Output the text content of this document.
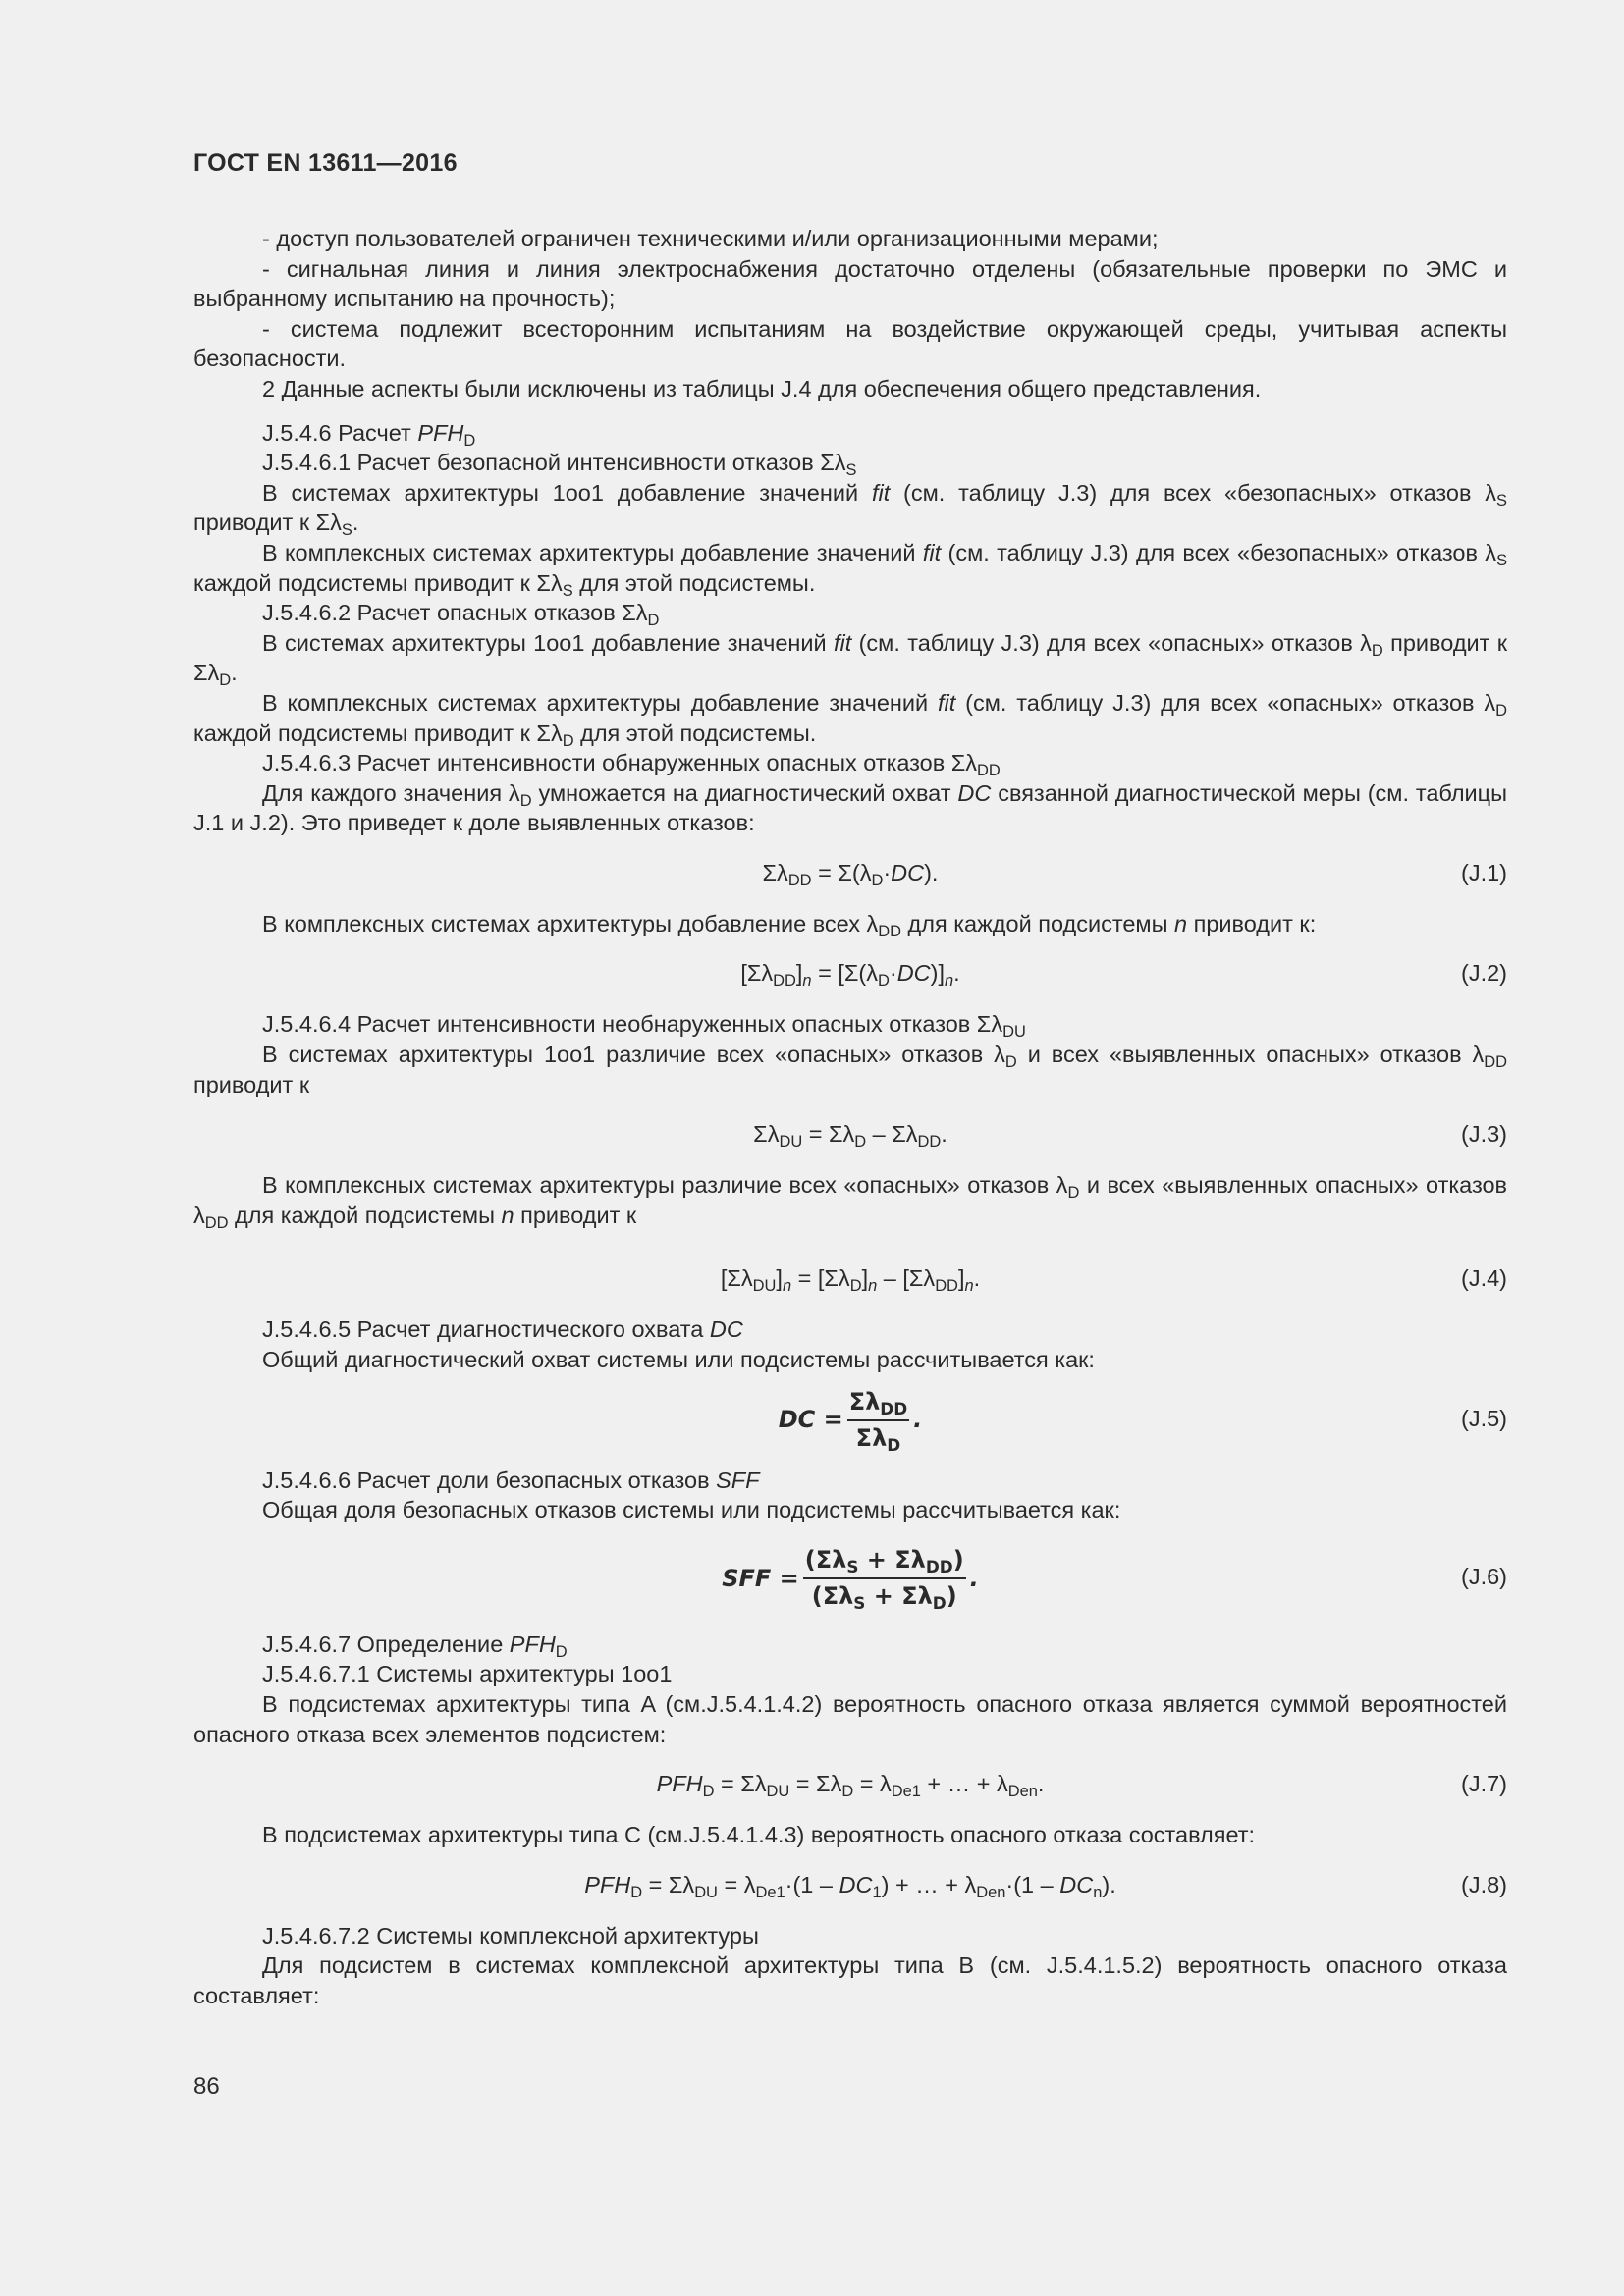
ГОСТ EN 13611—2016

- доступ пользователей ограничен техническими и/или организационными мерами;

- сигнальная линия и линия электроснабжения достаточно отделены (обязательные проверки по ЭМС и выбранному испытанию на прочность);

- система подлежит всесторонним испытаниям на воздействие окружающей среды, учитывая аспекты безопасности.

2 Данные аспекты были исключены из таблицы J.4 для обеспечения общего представления.

J.5.4.6 Расчет $PFH_D$

J.5.4.6.1 Расчет безопасной интенсивности отказов $\Sigma\lambda_S$

В системах архитектуры 1оо1 добавление значений fit (см. таблицу J.3) для всех «безопасных» отказов $\lambda_S$ приводит к $\Sigma\lambda_S$.

В комплексных системах архитектуры добавление значений fit (см. таблицу J.3) для всех «безопасных» отказов $\lambda_S$ каждой подсистемы приводит к $\Sigma\lambda_S$ для этой подсистемы.

J.5.4.6.2 Расчет опасных отказов $\Sigma\lambda_D$

В системах архитектуры 1оо1 добавление значений fit (см. таблицу J.3) для всех «опасных» отказов $\lambda_D$ приводит к $\Sigma\lambda_D$.

В комплексных системах архитектуры добавление значений fit (см. таблицу J.3) для всех «опасных» отказов $\lambda_D$ каждой подсистемы приводит к $\Sigma\lambda_D$ для этой подсистемы.

J.5.4.6.3 Расчет интенсивности обнаруженных опасных отказов $\Sigma\lambda_{DD}$

Для каждого значения $\lambda_D$ умножается на диагностический охват DC связанной диагностической меры (см. таблицы J.1 и J.2). Это приведет к доле выявленных отказов:

$\Sigma\lambda_{DD} = \Sigma(\lambda_D\cdot DC)$.	(J.1)

В комплексных системах архитектуры добавление всех $\lambda_{DD}$ для каждой подсистемы n приводит к:

$[\Sigma\lambda_{DD}]_n = [\Sigma(\lambda_D\cdot DC)]_n$.	(J.2)

J.5.4.6.4 Расчет интенсивности необнаруженных опасных отказов $\Sigma\lambda_{DU}$

В системах архитектуры 1оо1 различие всех «опасных» отказов $\lambda_D$ и всех «выявленных опасных» отказов $\lambda_{DD}$ приводит к

$\Sigma\lambda_{DU} = \Sigma\lambda_D - \Sigma\lambda_{DD}$.	(J.3)

В комплексных системах архитектуры различие всех «опасных» отказов $\lambda_D$ и всех «выявленных опасных» отказов $\lambda_{DD}$ для каждой подсистемы n приводит к

$[\Sigma\lambda_{DU}]_n = [\Sigma\lambda_D]_n - [\Sigma\lambda_{DD}]_n$.	(J.4)

J.5.4.6.5 Расчет диагностического охвата DC

Общий диагностический охват системы или подсистемы рассчитывается как:

DC = $\frac{\Sigma\lambda_{DD}}{\Sigma\lambda_D}$ .	(J.5)

J.5.4.6.6 Расчет доли безопасных отказов SFF

Общая доля безопасных отказов системы или подсистемы рассчитывается как:

SFF = $\frac{(\Sigma\lambda_S + \Sigma\lambda_{DD})}{(\Sigma\lambda_S + \Sigma\lambda_D)}$ .	(J.6)

J.5.4.6.7 Определение $PFH_D$

J.5.4.6.7.1 Системы архитектуры 1оо1

В подсистемах архитектуры типа A (см.J.5.4.1.4.2) вероятность опасного отказа является суммой вероятностей опасного отказа всех элементов подсистем:

$PFH_D = \Sigma\lambda_{DU} = \Sigma\lambda_D = \lambda_{De1}$ + … + $\lambda_{Den}$.	(J.7)

В подсистемах архитектуры типа C (см.J.5.4.1.4.3) вероятность опасного отказа составляет:

$PFH_D = \Sigma\lambda_{DU} = \lambda_{De1}\cdot(1 - DC_1)$ + … + $\lambda_{Den}\cdot(1 - DC_n)$.	(J.8)

J.5.4.6.7.2 Системы комплексной архитектуры

Для подсистем в системах комплексной архитектуры типа B (см. J.5.4.1.5.2) вероятность опасного отказа составляет:

86
